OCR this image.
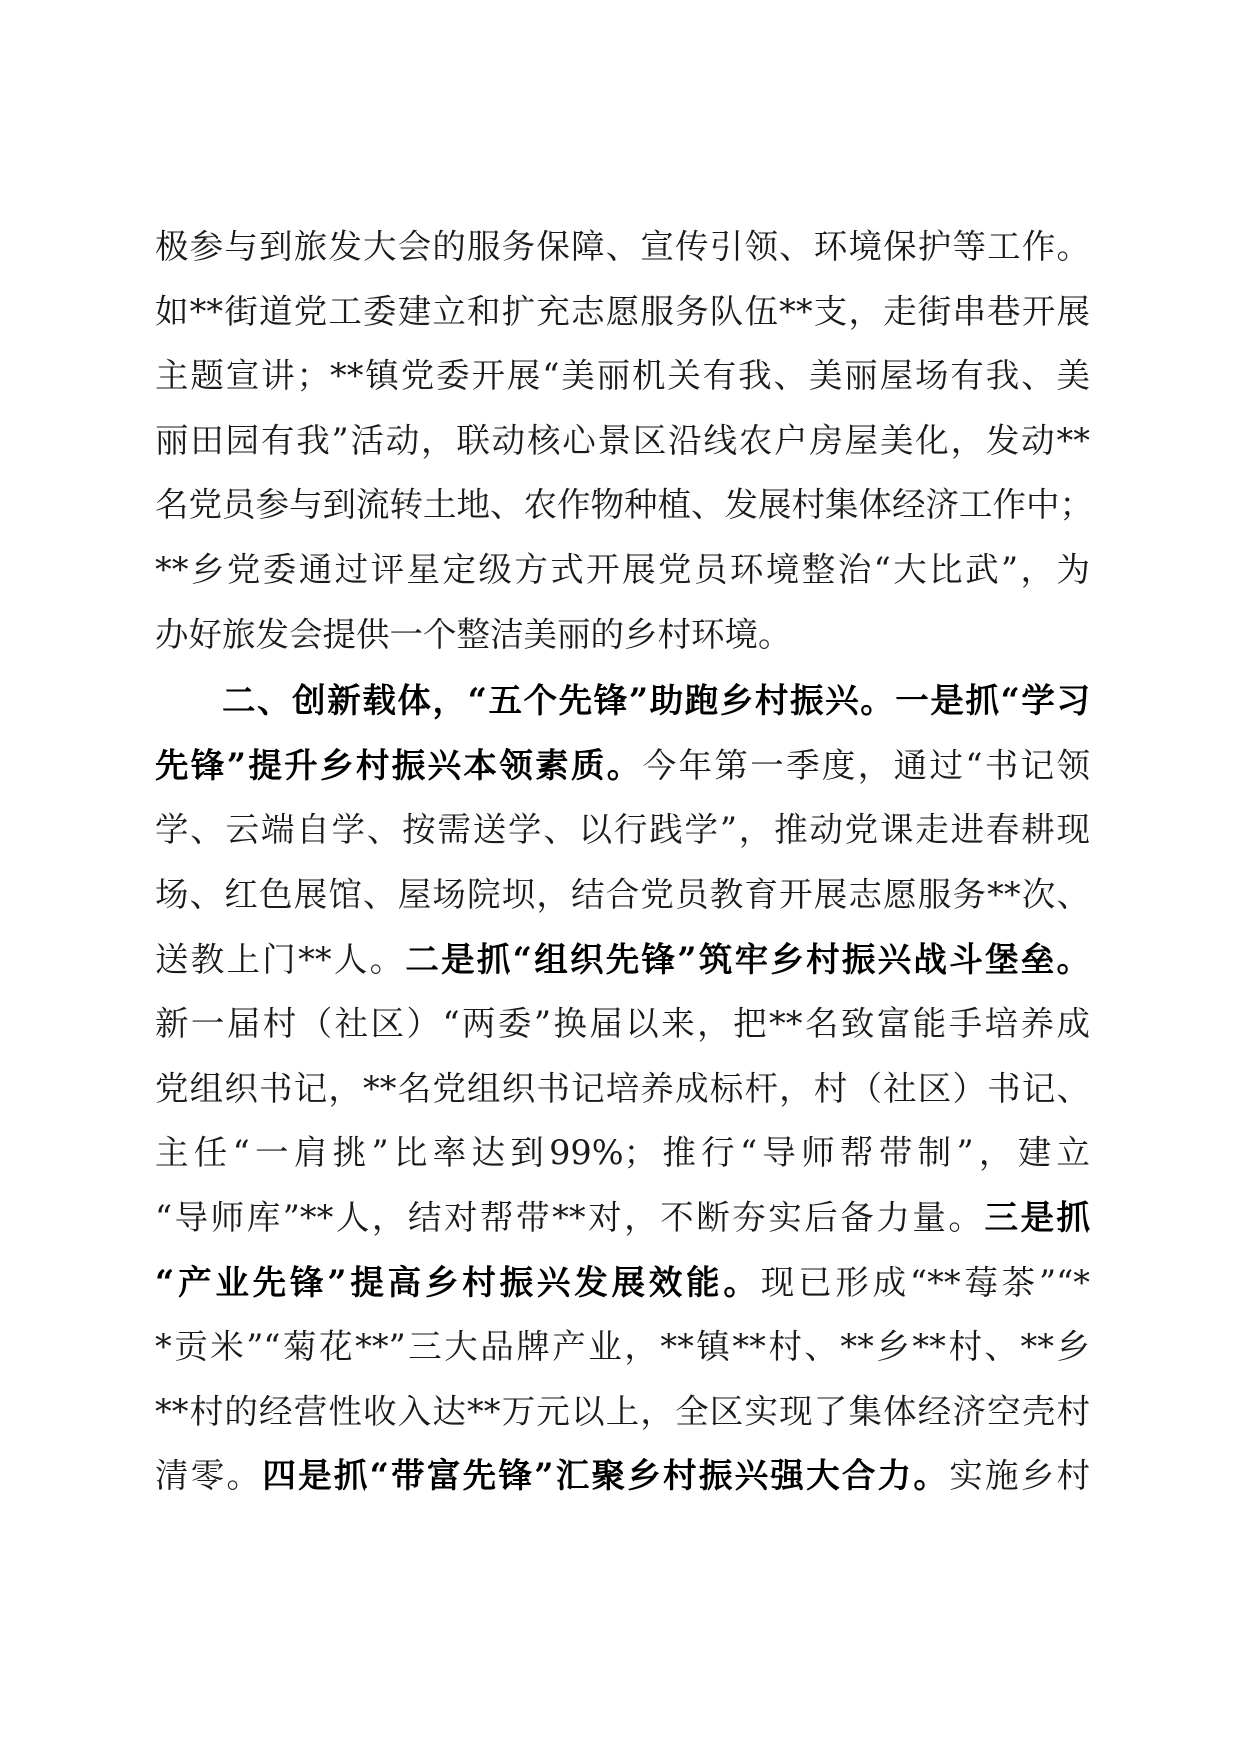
极参与到旅发大会的服务保障、宣传引领、环境保护等工作。
如**街道党工委建立和扩充志愿服务队伍**支，走街串巷开展
主题宣讲；**镇党委开展“美丽机关有我、美丽屋场有我、美
丽田园有我”活动，联动核心景区沿线农户房屋美化，发动**
名党员参与到流转土地、农作物种植、发展村集体经济工作中；
**乡党委通过评星定级方式开展党员环境整治“大比武”，为
办好旅发会提供一个整洁美丽的乡村环境。
二、创新载体，“五个先锋”助跑乡村振兴。一是抓“学习
先锋”提升乡村振兴本领素质。今年第一季度，通过“书记领
学、云端自学、按需送学、以行践学”，推动党课走进春耕现
场、红色展馆、屋场院坝，结合党员教育开展志愿服务**次、
送教上门**人。二是抓“组织先锋”筑牢乡村振兴战斗堡垒。
新一届村（社区）“两委”换届以来，把**名致富能手培养成
党组织书记，**名党组织书记培养成标杆，村（社区）书记、
主任“一肩挑”比率达到99%；推行“导师帮带制”，建立
“导师库”**人，结对帮带**对，不断夯实后备力量。三是抓
“产业先锋”提高乡村振兴发展效能。现已形成“**莓茶”“*
*贡米”“菊花**”三大品牌产业，**镇**村、**乡**村、**乡
**村的经营性收入达**万元以上，全区实现了集体经济空壳村
清零。四是抓“带富先锋”汇聚乡村振兴强大合力。实施乡村
